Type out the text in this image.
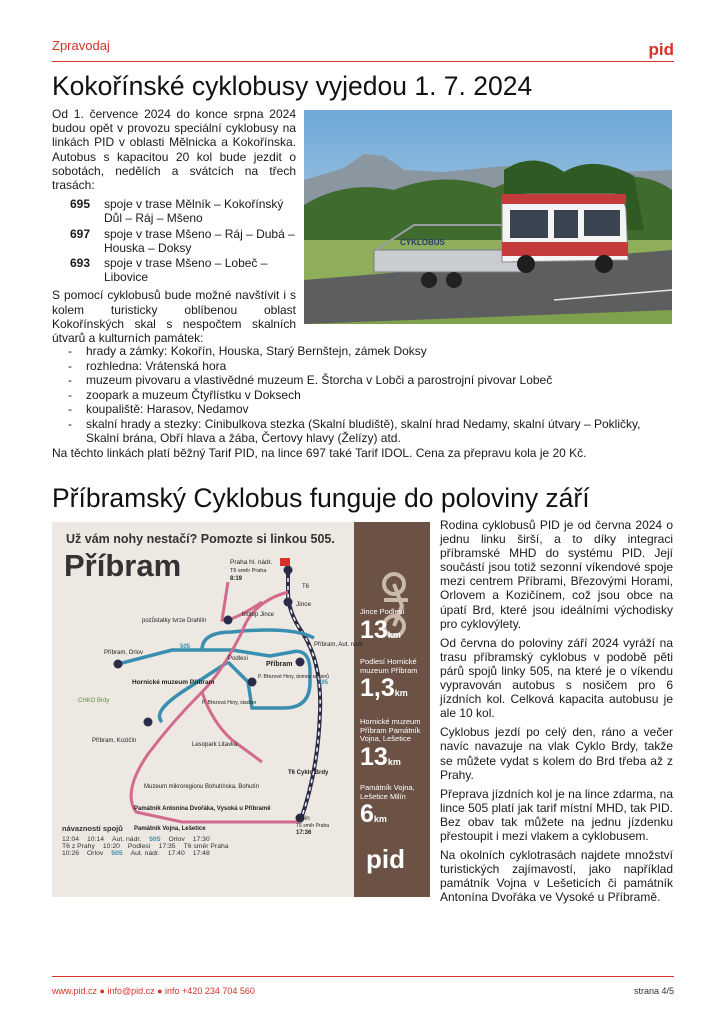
Zpravodaj	pid
Kokořínské cyklobusy vyjedou 1. 7. 2024

Od 1. července 2024 do konce srpna 2024 budou opět v provozu speciální cyklobusy na linkách PID v oblasti Mělnicka a Kokořínska. Autobus s kapacitou 20 kol bude jezdit o sobotách, nedělích a svátcích na třech trasách:

695	spoje v trase Mělník – Kokořínský Důl – Ráj – Mšeno
697	spoje v trase Mšeno – Ráj – Dubá – Houska – Doksy
693	spoje v trase Mšeno – Lobeč – Libovice

S pomocí cyklobusů bude možné navštívit i s kolem turisticky oblíbenou oblast Kokořínských skal s nespočtem skalních útvarů a kulturních památek:

CYKLOBUS
- hrady a zámky: Kokořín, Houska, Starý Bernštejn, zámek Doksy
- rozhledna: Vrátenská hora
- muzeum pivovaru a vlastivědné muzeum E. Štorcha v Lobči a parostrojní pivovar Lobeč
- zoopark a muzeum Čtyřlístku v Doksech
- koupaliště: Harasov, Nedamov
- skalní hrady a stezky: Cinibulkova stezka (Skalní bludiště), skalní hrad Nedamy, skalní útvary – Pokličky, Skalní brána, Obří hlava a žába, Čertovy hlavy (Želízy) atd.
Na těchto linkách platí běžný Tarif PID, na lince 697 také Tarif IDOL. Cena za přepravu kola je 20 Kč.
Příbramský Cyklobus funguje do poloviny září
Už vám nohy nestačí? Pomozte si linkou 505.
Příbram	Praha hl. nádr.
T6 směr Praha
8:19
T6
Jince
blotop Jince
pozůstatky tvrze Drahlín
Podlesí
Příbram, Orlov
Příbram, Aut. nádr.
Příbram
505
505
Hornické muzeum Příbram
P. Březové Hory, domov seniorů
P. Březová Hory, stadion
CHKO Brdy
Příbram, Kozičín
Lesopark Litavka
Muzeum mikroregionu Bohutínska, Bohutín
Památník Antonína Dvořáka, Vysoká u Příbramě
Památník Vojna, Lešetice
T6 Cyklo Brdy
Milín
T6 směr Praha
17:36
Jince Podlesí
13km
Podlesí Hornické muzeum Příbram
1,3km
Hornické muzeum Příbram Památník Vojna, Lešetice
13km
Památník Vojna, Lešetice Milín
6km
pid
návaznosti spojů
12:04 10:14 Aut. nádr. 505 Orlov 17:30
T6 z Prahy 10:20 Podlesí 17:35 T6 směr Praha
10:26 Orlov 505 Aut. nádr. 17:40 17:48

Rodina cyklobusů PID je od června 2024 o jednu linku širší, a to díky integraci příbramské MHD do systému PID. Její součástí jsou totiž sezonní víkendové spoje mezi centrem Příbrami, Březovými Horami, Orlovem a Kozičínem, což jsou obce na úpatí Brd, které jsou ideálními východisky pro cyklovýlety.

Od června do poloviny září 2024 vyráží na trasu příbramský cyklobus v podobě pěti párů spojů linky 505, na které je o víkendu vypravován autobus s nosičem pro 6 jízdních kol. Celková kapacita autobusu je ale 10 kol.

Cyklobus jezdí po celý den, ráno a večer navíc navazuje na vlak Cyklo Brdy, takže se můžete vydat s kolem do Brd třeba až z Prahy.

Přeprava jízdních kol je na lince zdarma, na lince 505 platí jak tarif místní MHD, tak PID. Bez obav tak můžete na jednu jízdenku přestoupit i mezi vlakem a cyklobusem.

Na okolních cyklotrasách najdete množství turistických zajímavostí, jako například památník Vojna v Lešeticích či památník Antonína Dvořáka ve Vysoké u Příbramě.

www.pid.cz ● info@pid.cz ● info +420 234 704 560	strana 4/5
